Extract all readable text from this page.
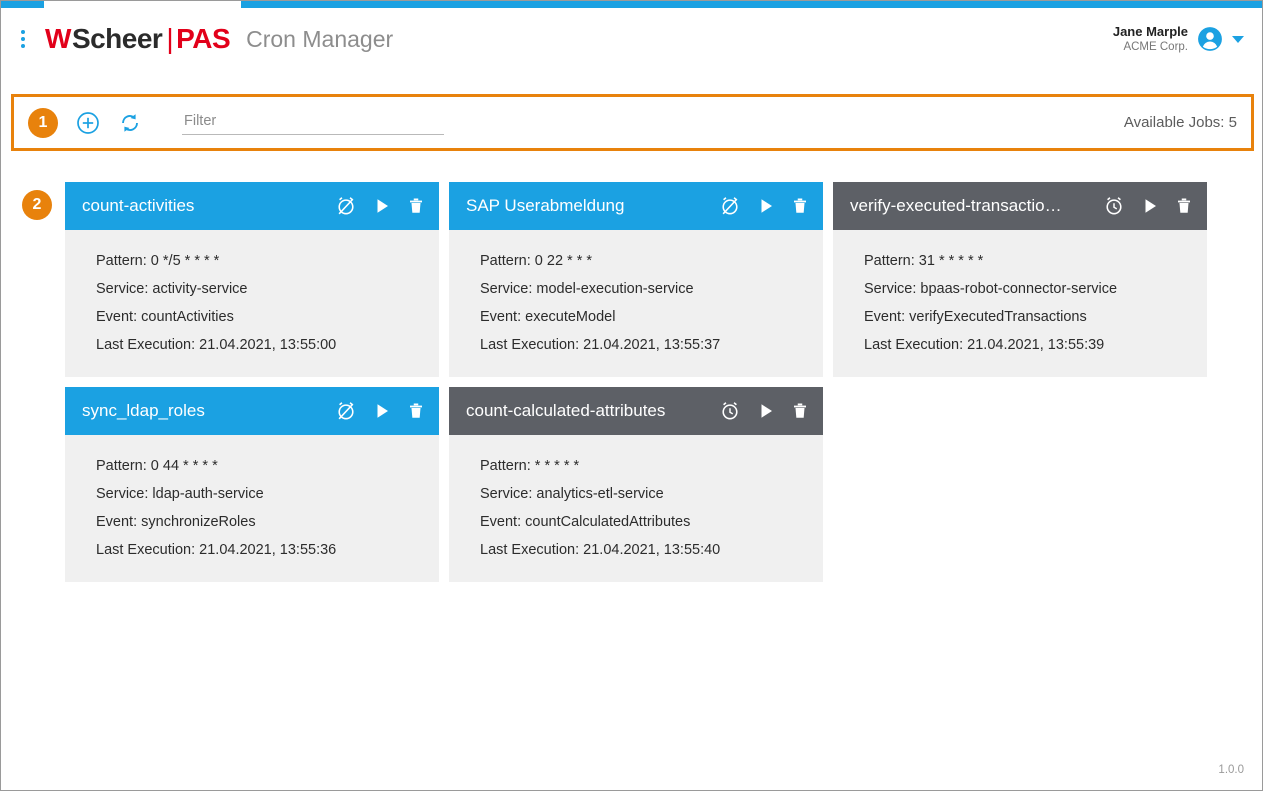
W Scheer | PAS Cron Manager	Jane Marple
ACME Corp.
1
Filter	Available Jobs: 5
2	count-activities
Pattern: 0 */5 * * * *
Service: activity-service
Event: countActivities
Last Execution: 21.04.2021, 13:55:00
SAP Userabmeldung
Pattern: 0 22 * * *
Service: model-execution-service
Event: executeModel
Last Execution: 21.04.2021, 13:55:37
verify-executed-transactio…
Pattern: 31 * * * * *
Service: bpaas-robot-connector-service
Event: verifyExecutedTransactions
Last Execution: 21.04.2021, 13:55:39
sync_ldap_roles
Pattern: 0 44 * * * *
Service: ldap-auth-service
Event: synchronizeRoles
Last Execution: 21.04.2021, 13:55:36
count-calculated-attributes
Pattern: * * * * *
Service: analytics-etl-service
Event: countCalculatedAttributes
Last Execution: 21.04.2021, 13:55:40
1.0.0
